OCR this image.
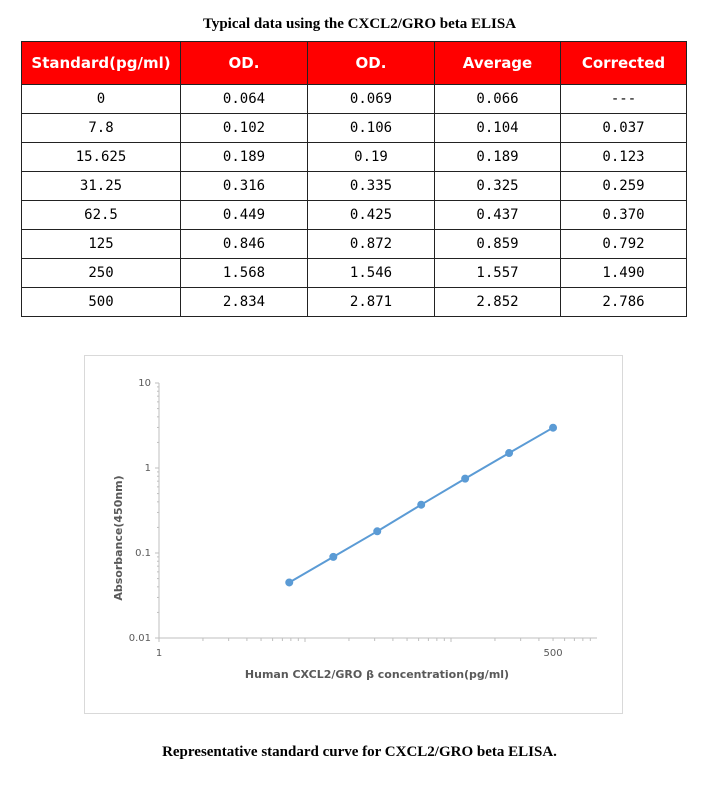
Typical data using the CXCL2/GRO beta ELISA
Standard(pg/ml)	OD.	OD.	Average	Corrected
0	0.064	0.069	0.066	---
7.8	0.102	0.106	0.104	0.037
15.625	0.189	0.19	0.189	0.123
31.25	0.316	0.335	0.325	0.259
62.5	0.449	0.425	0.437	0.370
125	0.846	0.872	0.859	0.792
250	1.568	1.546	1.557	1.490
500	2.834	2.871	2.852	2.786
10
1
0.1
0.01
1	500
Absorbance(450nm)
Human CXCL2/GRO β concentration(pg/ml)
Representative standard curve for CXCL2/GRO beta ELISA.
